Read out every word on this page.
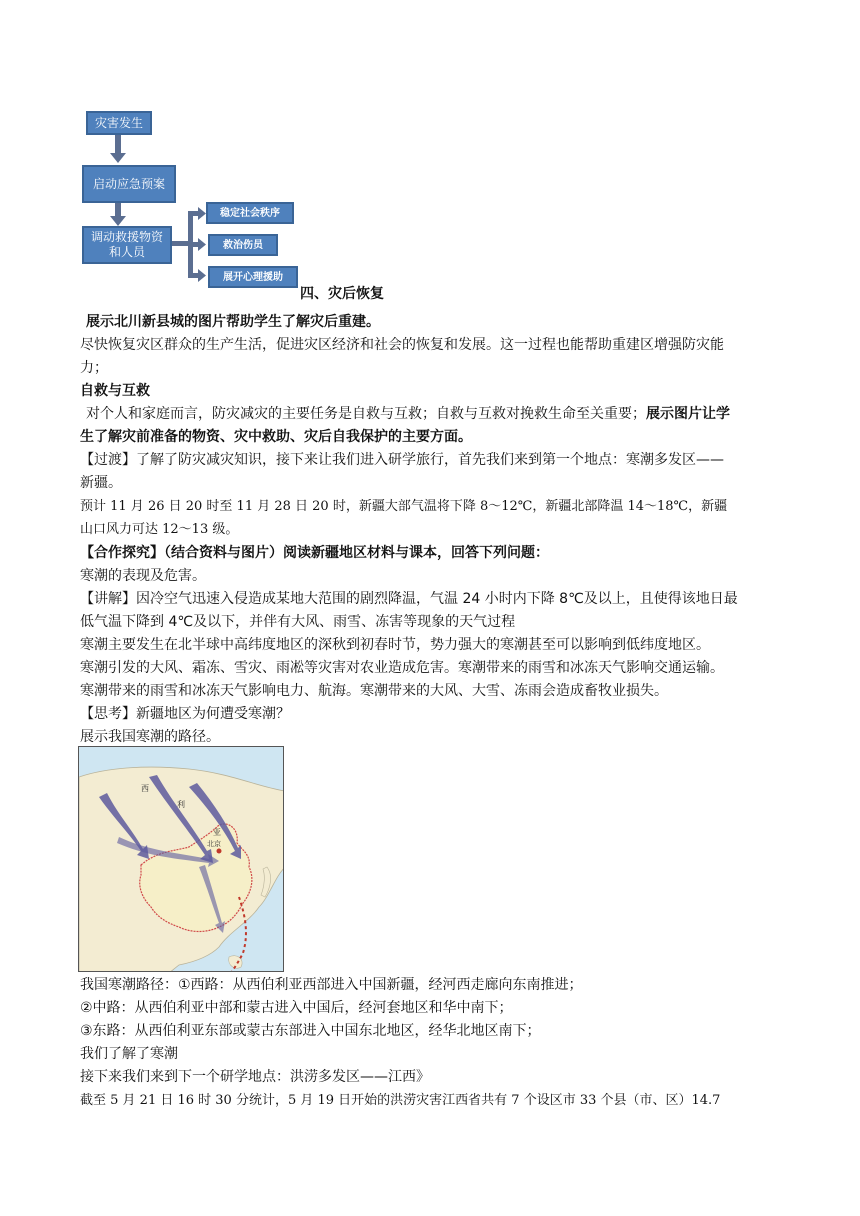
灾害发生
启动应急预案
调动救援物资
和人员
稳定社会秩序
救治伤员
展开心理援助
四、灾后恢复
展示北川新县城的图片帮助学生了解灾后重建。
尽快恢复灾区群众的生产生活，促进灾区经济和社会的恢复和发展。这一过程也能帮助重建区增强防灾能
力；
自救与互救
对个人和家庭而言，防灾减灾的主要任务是自救与互救；自救与互救对挽救生命至关重要；展示图片让学
生了解灾前准备的物资、灾中救助、灾后自我保护的主要方面。
【过渡】了解了防灾减灾知识，接下来让我们进入研学旅行，首先我们来到第一个地点：寒潮多发区——
新疆。
预计 11 月 26 日 20 时至 11 月 28 日 20 时，新疆大部气温将下降 8～12℃，新疆北部降温 14～18℃，新疆
山口风力可达 12～13 级。
【合作探究】（结合资料与图片）阅读新疆地区材料与课本，回答下列问题：
寒潮的表现及危害。
【讲解】因冷空气迅速入侵造成某地大范围的剧烈降温，气温 24 小时内下降 8℃及以上，且使得该地日最
低气温下降到 4℃及以下，并伴有大风、雨雪、冻害等现象的天气过程
寒潮主要发生在北半球中高纬度地区的深秋到初春时节，势力强大的寒潮甚至可以影响到低纬度地区。
寒潮引发的大风、霜冻、雪灾、雨凇等灾害对农业造成危害。寒潮带来的雨雪和冰冻天气影响交通运输。
寒潮带来的雨雪和冰冻天气影响电力、航海。寒潮带来的大风、大雪、冻雨会造成畜牧业损失。
【思考】新疆地区为何遭受寒潮？
展示我国寒潮的路径。
西
利
亚
北京
我国寒潮路径：①西路：从西伯利亚西部进入中国新疆，经河西走廊向东南推进；
②中路：从西伯利亚中部和蒙古进入中国后，经河套地区和华中南下；
③东路：从西伯利亚东部或蒙古东部进入中国东北地区，经华北地区南下；
我们了解了寒潮
接下来我们来到下一个研学地点：洪涝多发区——江西》
截至 5 月 21 日 16 时 30 分统计，5 月 19 日开始的洪涝灾害江西省共有 7 个设区市 33 个县（市、区）14.7
